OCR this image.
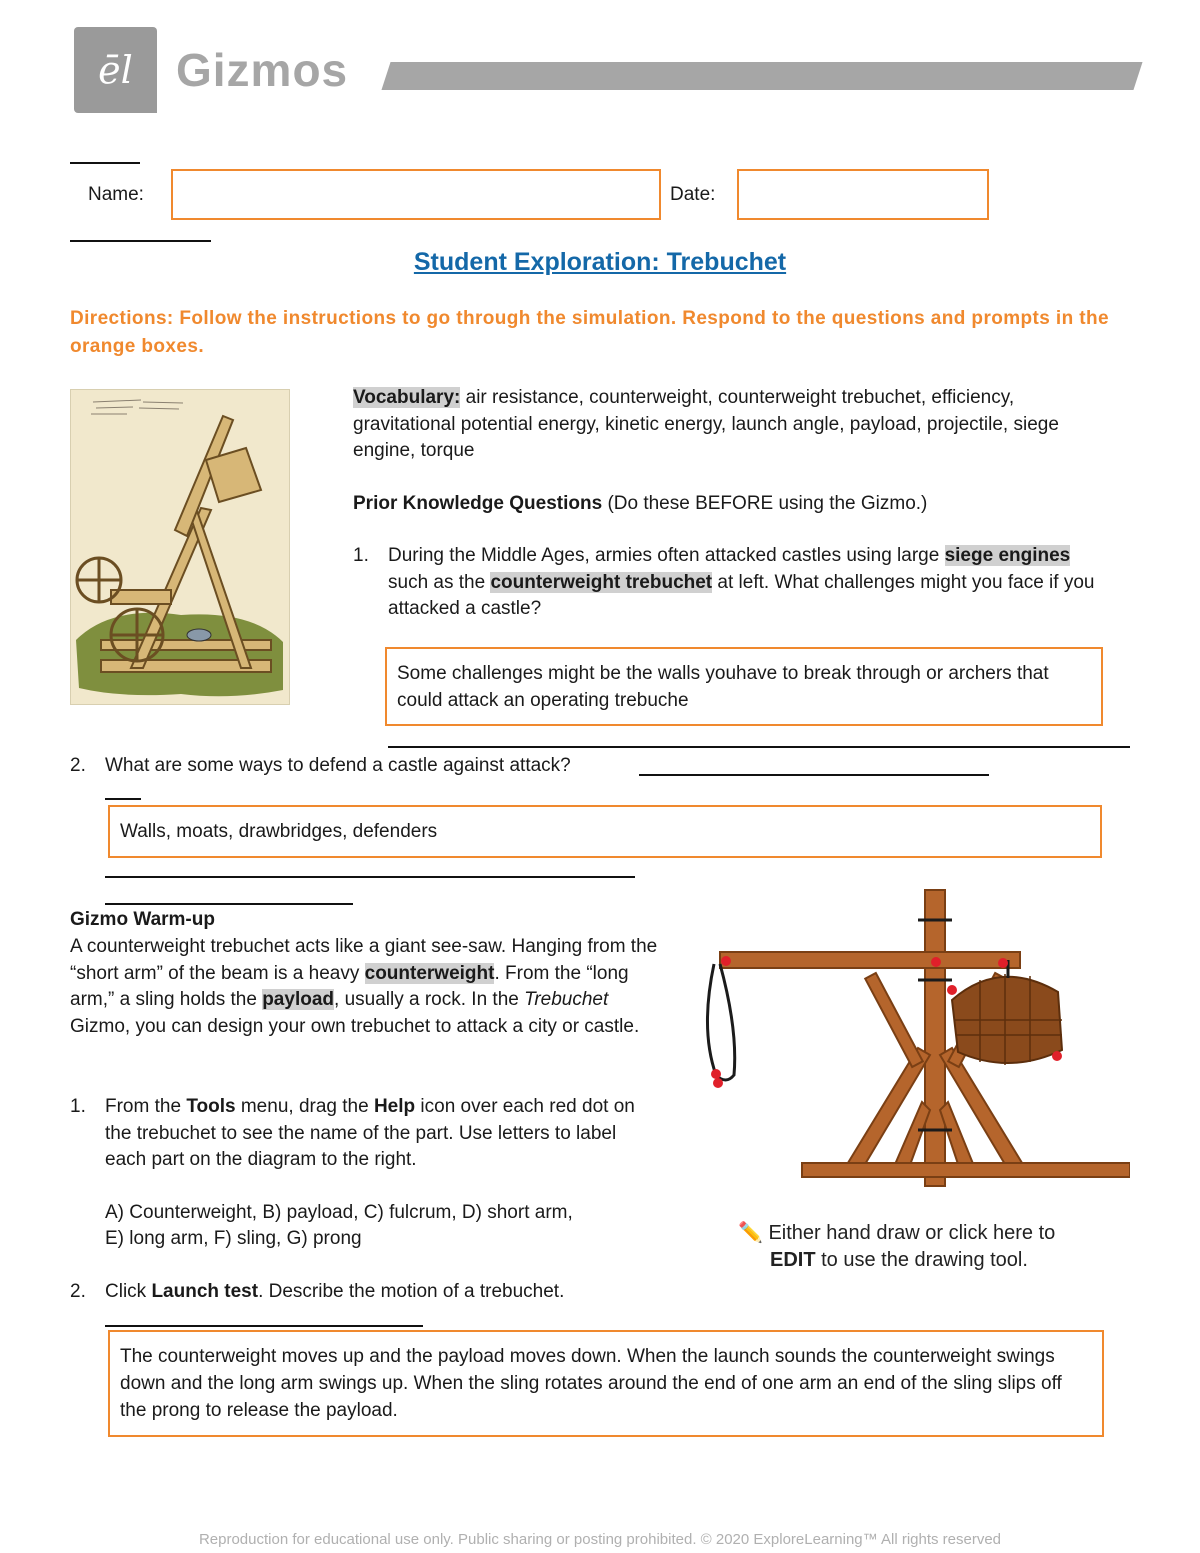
ēl Gizmos
Name:	Date:
Student Exploration: Trebuchet
Directions: Follow the instructions to go through the simulation. Respond to the questions and prompts in the orange boxes.
Vocabulary: air resistance, counterweight, counterweight trebuchet, efficiency, gravitational potential energy, kinetic energy, launch angle, payload, projectile, siege engine, torque
Prior Knowledge Questions (Do these BEFORE using the Gizmo.)
1. During the Middle Ages, armies often attacked castles using large siege engines such as the counterweight trebuchet at left. What challenges might you face if you attacked a castle?
Some challenges might be the walls youhave to break through or archers that could attack an operating trebuche
2. What are some ways to defend a castle against attack?
Walls, moats, drawbridges, defenders
Gizmo Warm-up
A counterweight trebuchet acts like a giant see-saw. Hanging from the “short arm” of the beam is a heavy counterweight. From the “long arm,” a sling holds the payload, usually a rock. In the Trebuchet Gizmo, you can design your own trebuchet to attack a city or castle.
1. From the Tools menu, drag the Help icon over each red dot on the trebuchet to see the name of the part. Use letters to label each part on the diagram to the right.
A) Counterweight, B) payload, C) fulcrum, D) short arm,
E) long arm, F) sling, G) prong
2. Click Launch test. Describe the motion of a trebuchet.
The counterweight moves up and the payload moves down. When the launch sounds the counterweight swings down and the long arm swings up. When the sling rotates around the end of one arm an end of the sling slips off the prong to release the payload.
✏️ Either hand draw or click here to
EDIT to use the drawing tool.
Reproduction for educational use only. Public sharing or posting prohibited. © 2020 ExploreLearning™ All rights reserved
